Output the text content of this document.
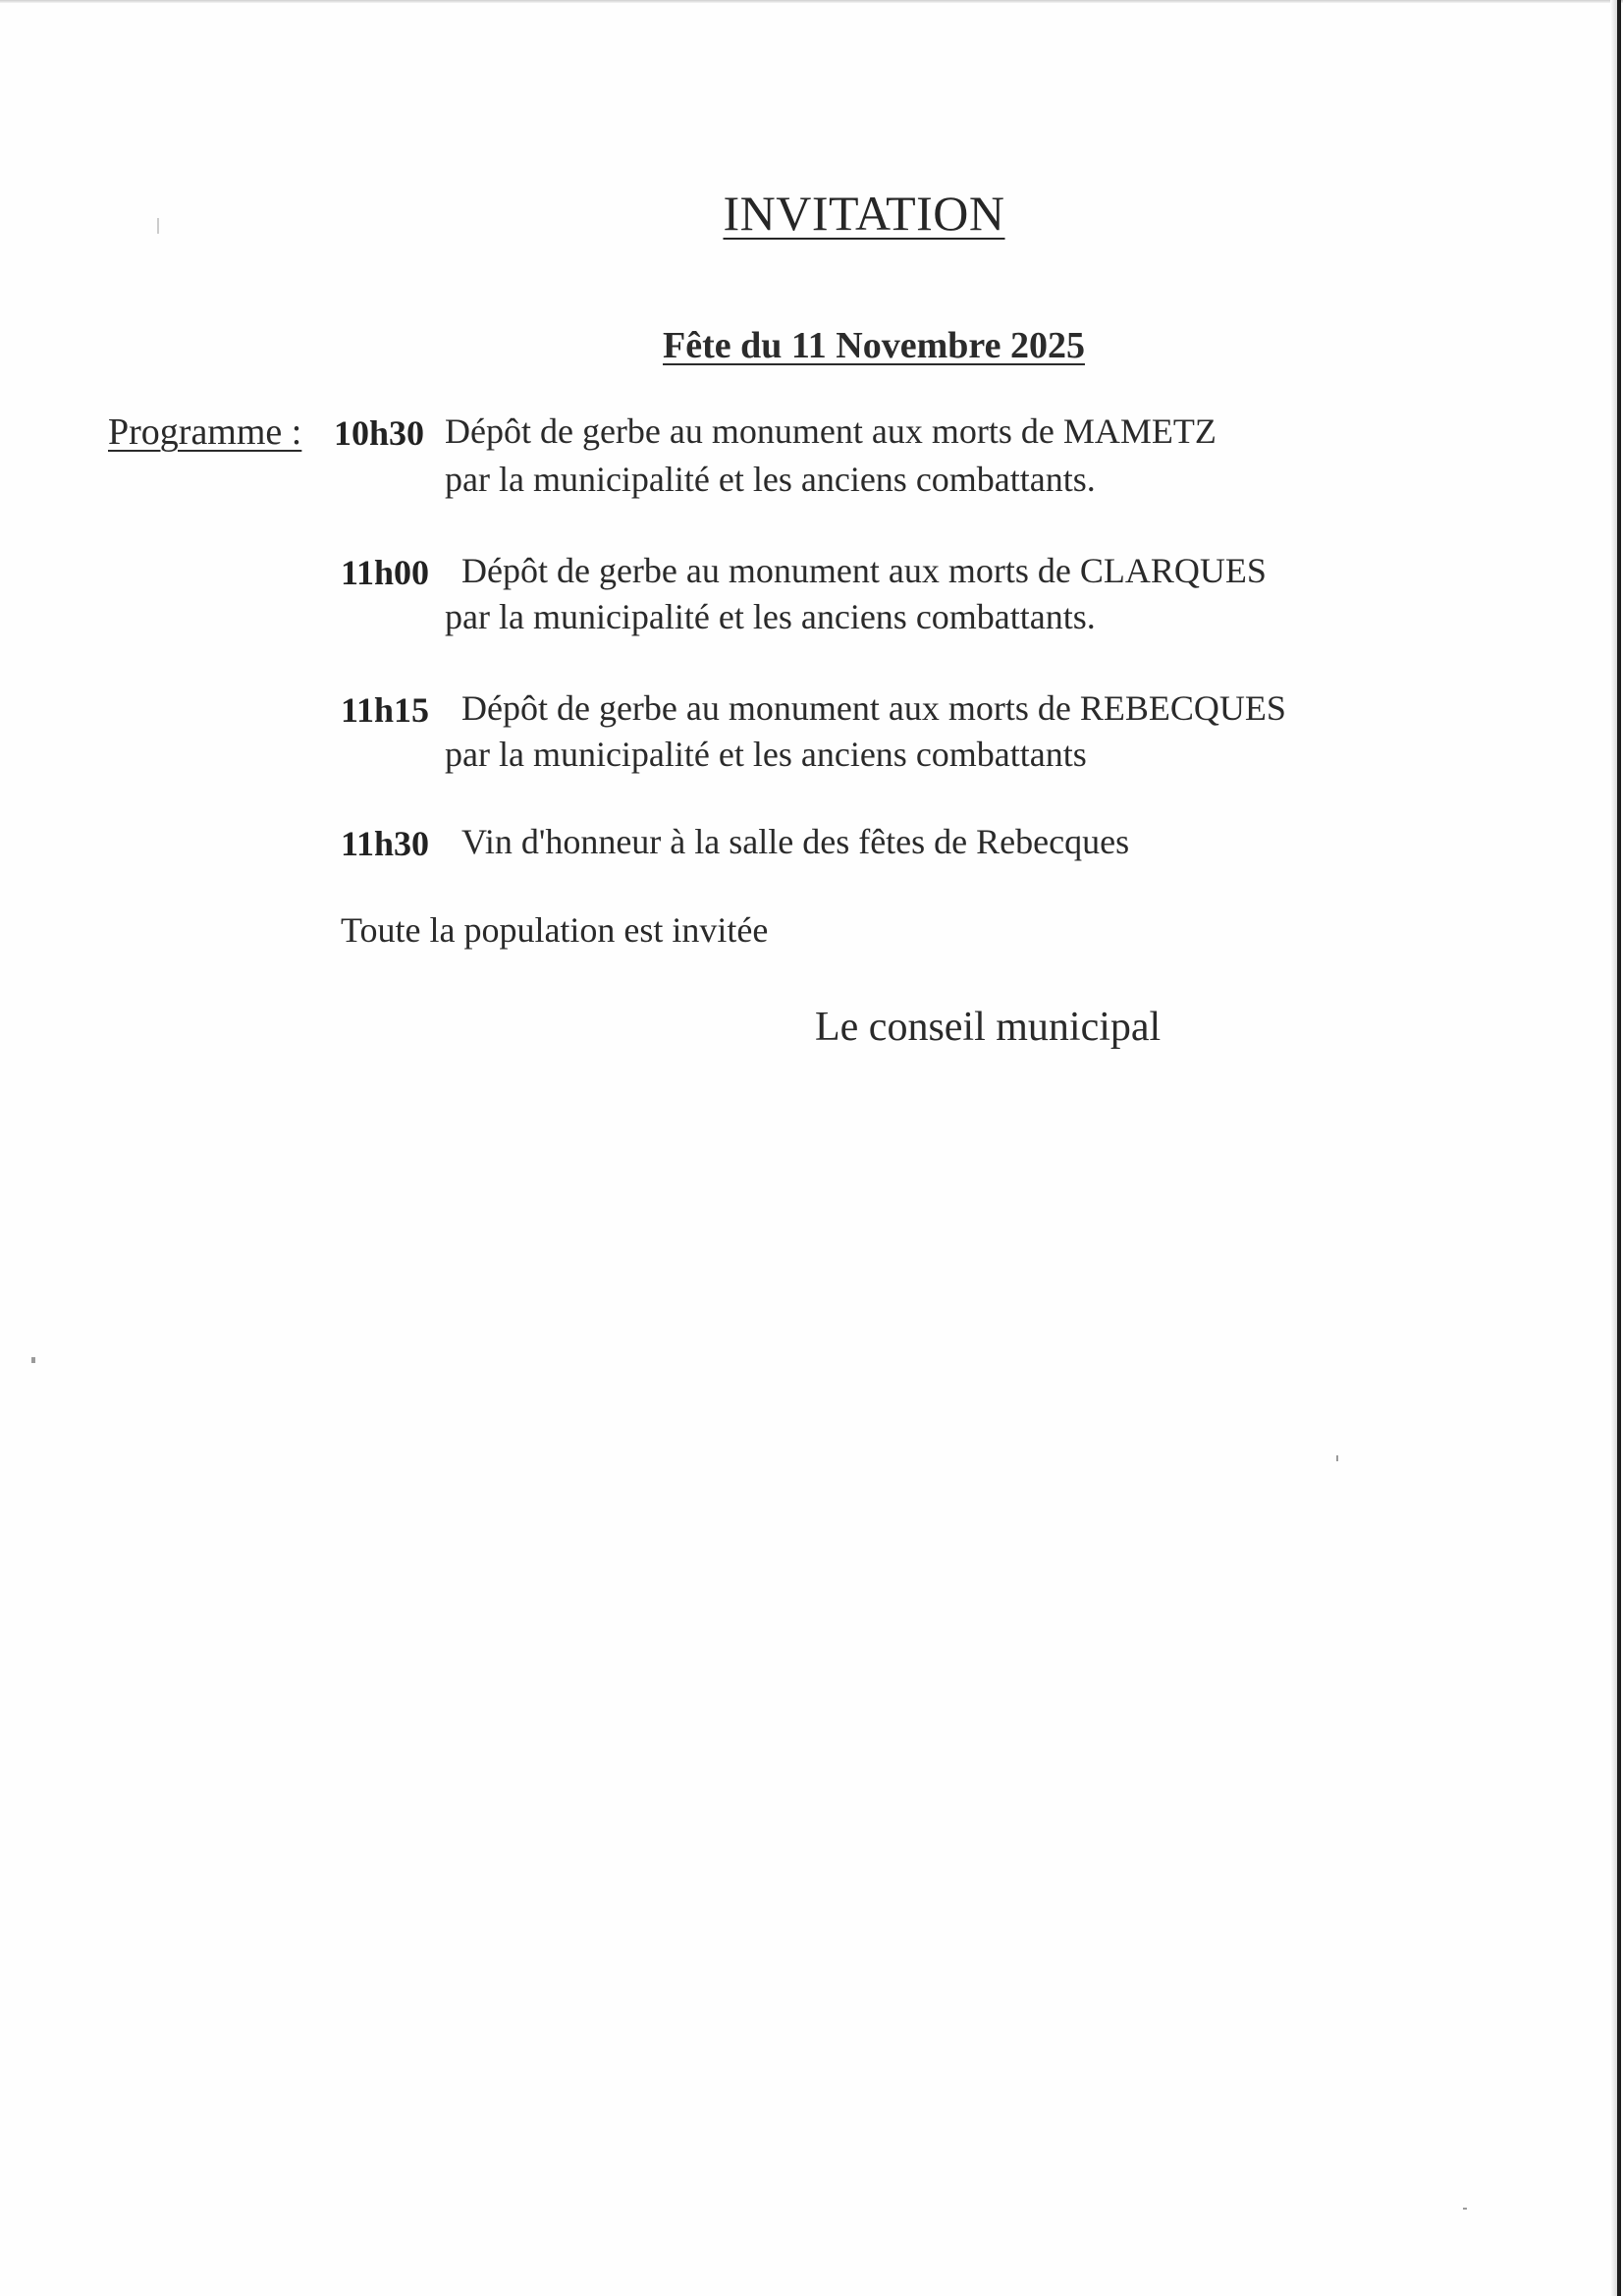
INVITATION
Fête du 11 Novembre 2025
Programme : 10h30 Dépôt de gerbe au monument aux morts de MAMETZ
par la municipalité et les anciens combattants.
11h00 Dépôt de gerbe au monument aux morts de CLARQUES
par la municipalité et les anciens combattants.
11h15 Dépôt de gerbe au monument aux morts de REBECQUES
par la municipalité et les anciens combattants
11h30 Vin d'honneur à la salle des fêtes de Rebecques
Toute la population est invitée
Le conseil municipal
